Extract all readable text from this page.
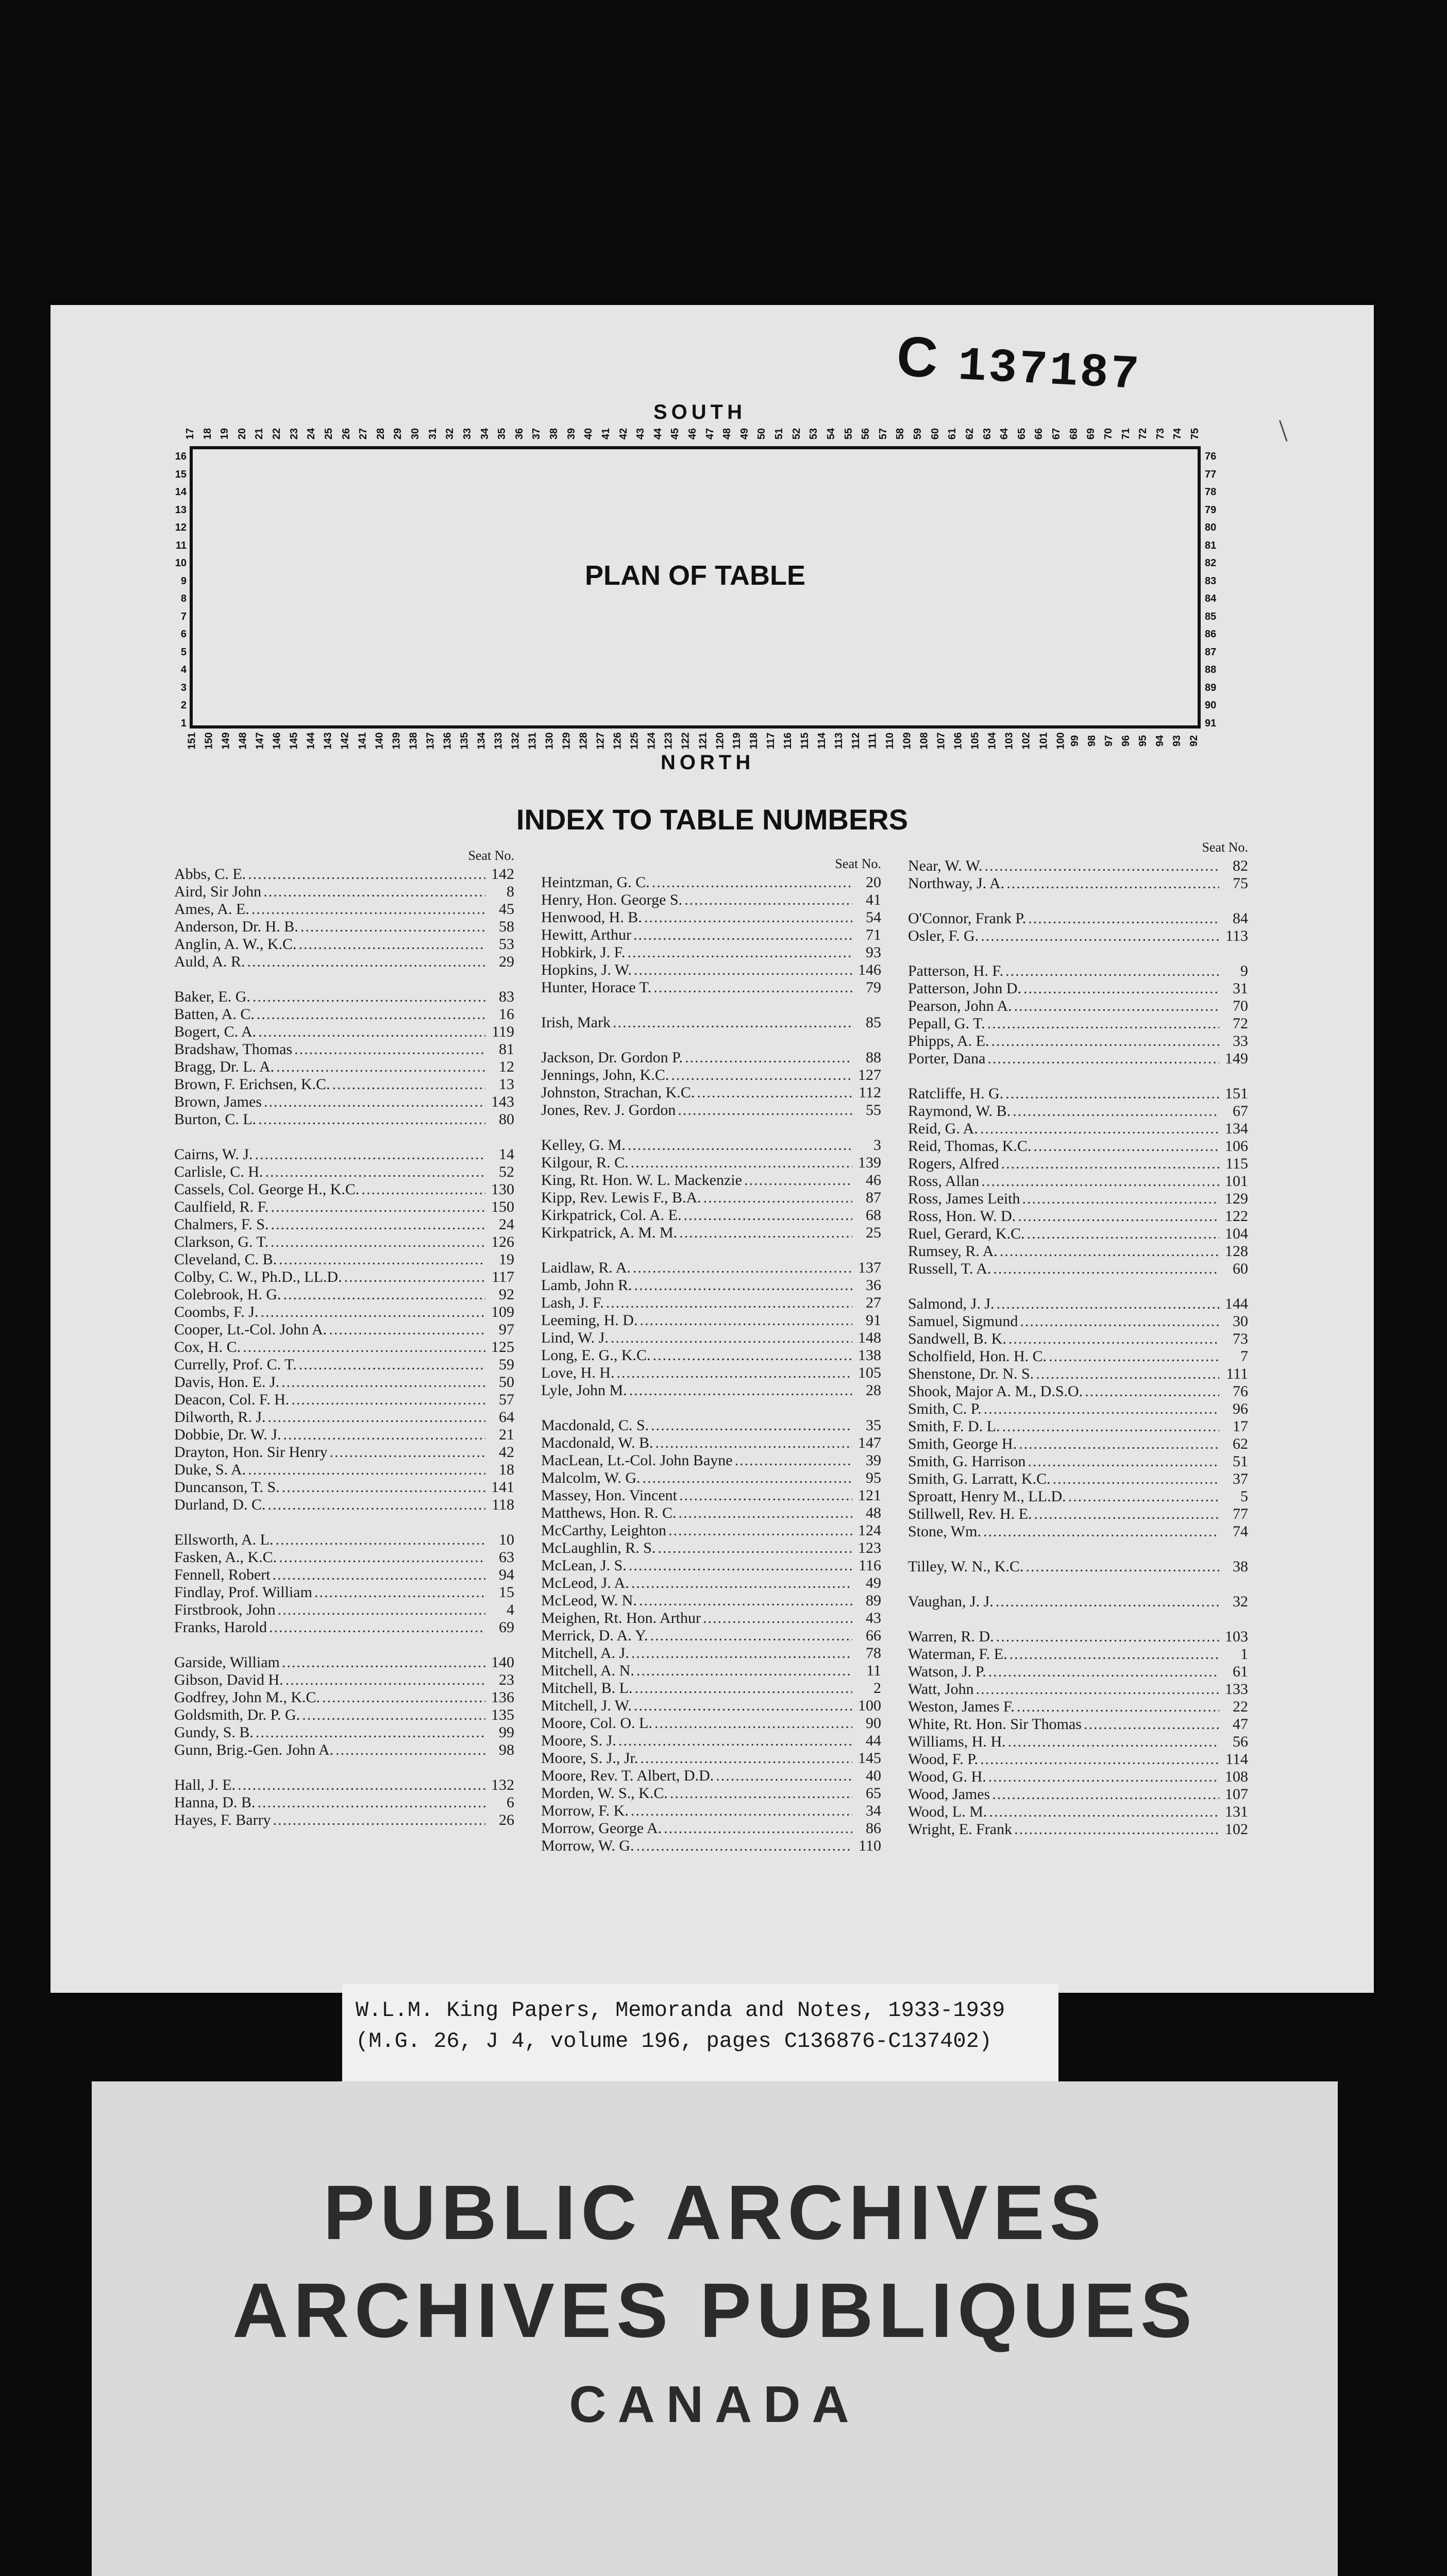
C 137187
\
SOUTH
NORTH
17 18 19 20 21 22 23 24 25 26 27 28 29 30 31 32 33 34 35 36 37 38 39 40 41 42 43 44 45 46 47 48 49 50 51 52 53 54 55 56 57 58 59 60 61 62 63 64 65 66 67 68 69 70 71 72 73 74 75
151 150 149 148 147 146 145 144 143 142 141 140 139 138 137 136 135 134 133 132 131 130 129 128 127 126 125 124 123 122 121 120 119 118 117 116 115 114 113 112 111 110 109 108 107 106 105 104 103 102 101 100 99 98 97 96 95 94 93 92
16
15
14
13
12
11
10
9
8
7
6
5
4
3
2
1
76
77
78
79
80
81
82
83
84
85
86
87
88
89
90
91
PLAN OF TABLE
INDEX TO TABLE NUMBERS
Seat No.
Abbs, C. E. .....	142
Aird, Sir John .....	8
Ames, A. E. .....	45
Anderson, Dr. H. B. .....	58
Anglin, A. W., K.C. .....	53
Auld, A. R. .....	29
Baker, E. G. .....	83
Batten, A. C. .....	16
Bogert, C. A. .....	119
Bradshaw, Thomas .....	81
Bragg, Dr. L. A. .....	12
Brown, F. Erichsen, K.C. .....	13
Brown, James .....	143
Burton, C. L. .....	80
Cairns, W. J. .....	14
Carlisle, C. H. .....	52
Cassels, Col. George H., K.C. .....	130
Caulfield, R. F. .....	150
Chalmers, F. S. .....	24
Clarkson, G. T. .....	126
Cleveland, C. B. .....	19
Colby, C. W., Ph.D., LL.D. .....	117
Colebrook, H. G. .....	92
Coombs, F. J. .....	109
Cooper, Lt.-Col. John A. .....	97
Cox, H. C. .....	125
Currelly, Prof. C. T. .....	59
Davis, Hon. E. J. .....	50
Deacon, Col. F. H. .....	57
Dilworth, R. J. .....	64
Dobbie, Dr. W. J. .....	21
Drayton, Hon. Sir Henry .....	42
Duke, S. A. .....	18
Duncanson, T. S. .....	141
Durland, D. C. .....	118
Ellsworth, A. L. .....	10
Fasken, A., K.C. .....	63
Fennell, Robert .....	94
Findlay, Prof. William .....	15
Firstbrook, John .....	4
Franks, Harold .....	69
Garside, William .....	140
Gibson, David H. .....	23
Godfrey, John M., K.C. .....	136
Goldsmith, Dr. P. G. .....	135
Gundy, S. B. .....	99
Gunn, Brig.-Gen. John A. .....	98
Hall, J. E. .....	132
Hanna, D. B. .....	6
Hayes, F. Barry .....	26
Seat No.
Heintzman, G. C. .....	20
Henry, Hon. George S. .....	41
Henwood, H. B. .....	54
Hewitt, Arthur .....	71
Hobkirk, J. F. .....	93
Hopkins, J. W. .....	146
Hunter, Horace T. .....	79
Irish, Mark .....	85
Jackson, Dr. Gordon P. .....	88
Jennings, John, K.C. .....	127
Johnston, Strachan, K.C. .....	112
Jones, Rev. J. Gordon .....	55
Kelley, G. M. .....	3
Kilgour, R. C. .....	139
King, Rt. Hon. W. L. Mackenzie .....	46
Kipp, Rev. Lewis F., B.A. .....	87
Kirkpatrick, Col. A. E. .....	68
Kirkpatrick, A. M. M. .....	25
Laidlaw, R. A. .....	137
Lamb, John R. .....	36
Lash, J. F. .....	27
Leeming, H. D. .....	91
Lind, W. J. .....	148
Long, E. G., K.C. .....	138
Love, H. H. .....	105
Lyle, John M. .....	28
Macdonald, C. S. .....	35
Macdonald, W. B. .....	147
MacLean, Lt.-Col. John Bayne .....	39
Malcolm, W. G. .....	95
Massey, Hon. Vincent .....	121
Matthews, Hon. R. C. .....	48
McCarthy, Leighton .....	124
McLaughlin, R. S. .....	123
McLean, J. S. .....	116
McLeod, J. A. .....	49
McLeod, W. N. .....	89
Meighen, Rt. Hon. Arthur .....	43
Merrick, D. A. Y. .....	66
Mitchell, A. J. .....	78
Mitchell, A. N. .....	11
Mitchell, B. L. .....	2
Mitchell, J. W. .....	100
Moore, Col. O. L. .....	90
Moore, S. J. .....	44
Moore, S. J., Jr. .....	145
Moore, Rev. T. Albert, D.D. .....	40
Morden, W. S., K.C. .....	65
Morrow, F. K. .....	34
Morrow, George A. .....	86
Morrow, W. G. .....	110
Seat No.
Near, W. W. .....	82
Northway, J. A. .....	75
O'Connor, Frank P. .....	84
Osler, F. G. .....	113
Patterson, H. F. .....	9
Patterson, John D. .....	31
Pearson, John A. .....	70
Pepall, G. T. .....	72
Phipps, A. E. .....	33
Porter, Dana .....	149
Ratcliffe, H. G. .....	151
Raymond, W. B. .....	67
Reid, G. A. .....	134
Reid, Thomas, K.C. .....	106
Rogers, Alfred .....	115
Ross, Allan .....	101
Ross, James Leith .....	129
Ross, Hon. W. D. .....	122
Ruel, Gerard, K.C. .....	104
Rumsey, R. A. .....	128
Russell, T. A. .....	60
Salmond, J. J. .....	144
Samuel, Sigmund .....	30
Sandwell, B. K. .....	73
Scholfield, Hon. H. C. .....	7
Shenstone, Dr. N. S. .....	111
Shook, Major A. M., D.S.O. .....	76
Smith, C. P. .....	96
Smith, F. D. L. .....	17
Smith, George H. .....	62
Smith, G. Harrison .....	51
Smith, G. Larratt, K.C. .....	37
Sproatt, Henry M., LL.D. .....	5
Stillwell, Rev. H. E. .....	77
Stone, Wm. .....	74
Tilley, W. N., K.C. .....	38
Vaughan, J. J. .....	32
Warren, R. D. .....	103
Waterman, F. E. .....	1
Watson, J. P. .....	61
Watt, John .....	133
Weston, James F. .....	22
White, Rt. Hon. Sir Thomas .....	47
Williams, H. H. .....	56
Wood, F. P. .....	114
Wood, G. H. .....	108
Wood, James .....	107
Wood, L. M. .....	131
Wright, E. Frank .....	102
W.L.M. King Papers, Memoranda and Notes, 1933-1939
(M.G. 26, J 4, volume 196, pages C136876-C137402)
PUBLIC ARCHIVES
ARCHIVES PUBLIQUES
CANADA
